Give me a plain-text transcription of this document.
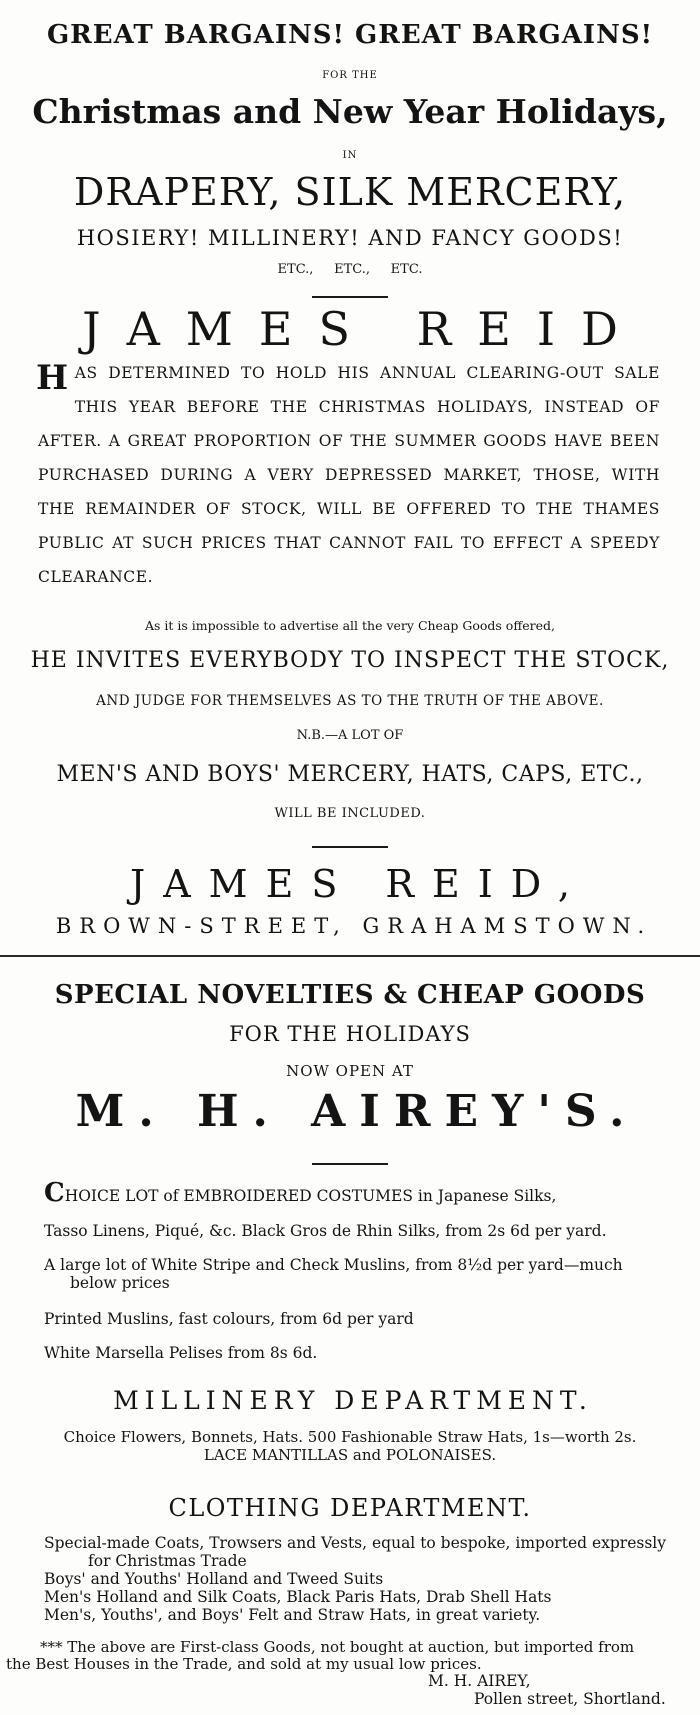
GREAT BARGAINS! GREAT BARGAINS!
FOR THE
Christmas and New Year Holidays,
IN
DRAPERY, SILK MERCERY,
HOSIERY! MILLINERY! AND FANCY GOODS!
ETC.,     ETC.,     ETC.
JAMES REID
HAS DETERMINED TO HOLD HIS ANNUAL CLEARING-OUT SALE THIS YEAR BEFORE THE CHRISTMAS HOLIDAYS, INSTEAD OF AFTER. A GREAT PROPORTION OF THE SUMMER GOODS HAVE BEEN PURCHASED DURING A VERY DEPRESSED MARKET, THOSE, WITH THE REMAINDER OF STOCK, WILL BE OFFERED TO THE THAMES PUBLIC AT SUCH PRICES THAT CANNOT FAIL TO EFFECT A SPEEDY CLEARANCE.
As it is impossible to advertise all the very Cheap Goods offered,
HE INVITES EVERYBODY TO INSPECT THE STOCK,
AND JUDGE FOR THEMSELVES AS TO THE TRUTH OF THE ABOVE.
N.B.—A LOT OF
MEN'S AND BOYS' MERCERY, HATS, CAPS, ETC.,
WILL BE INCLUDED.
JAMES REID,
BROWN-STREET, GRAHAMSTOWN.
SPECIAL NOVELTIES & CHEAP GOODS
FOR THE HOLIDAYS
NOW OPEN AT
M. H. AIREY'S.
CHOICE LOT of EMBROIDERED COSTUMES in Japanese Silks,
Tasso Linens, Piqué, &c. Black Gros de Rhin Silks, from 2s 6d per yard.
A large lot of White Stripe and Check Muslins, from 8½d per yard—much
below prices
Printed Muslins, fast colours, from 6d per yard
White Marsella Pelises from 8s 6d.
MILLINERY DEPARTMENT.
Choice Flowers, Bonnets, Hats. 500 Fashionable Straw Hats, 1s—worth 2s.
LACE MANTILLAS and POLONAISES.
CLOTHING DEPARTMENT.
Special-made Coats, Trowsers and Vests, equal to bespoke, imported expressly
for Christmas Trade
Boys' and Youths' Holland and Tweed Suits
Men's Holland and Silk Coats, Black Paris Hats, Drab Shell Hats
Men's, Youths', and Boys' Felt and Straw Hats, in great variety.
*** The above are First-class Goods, not bought at auction, but imported from
the Best Houses in the Trade, and sold at my usual low prices.
M. H. AIREY,
Pollen street, Shortland.
